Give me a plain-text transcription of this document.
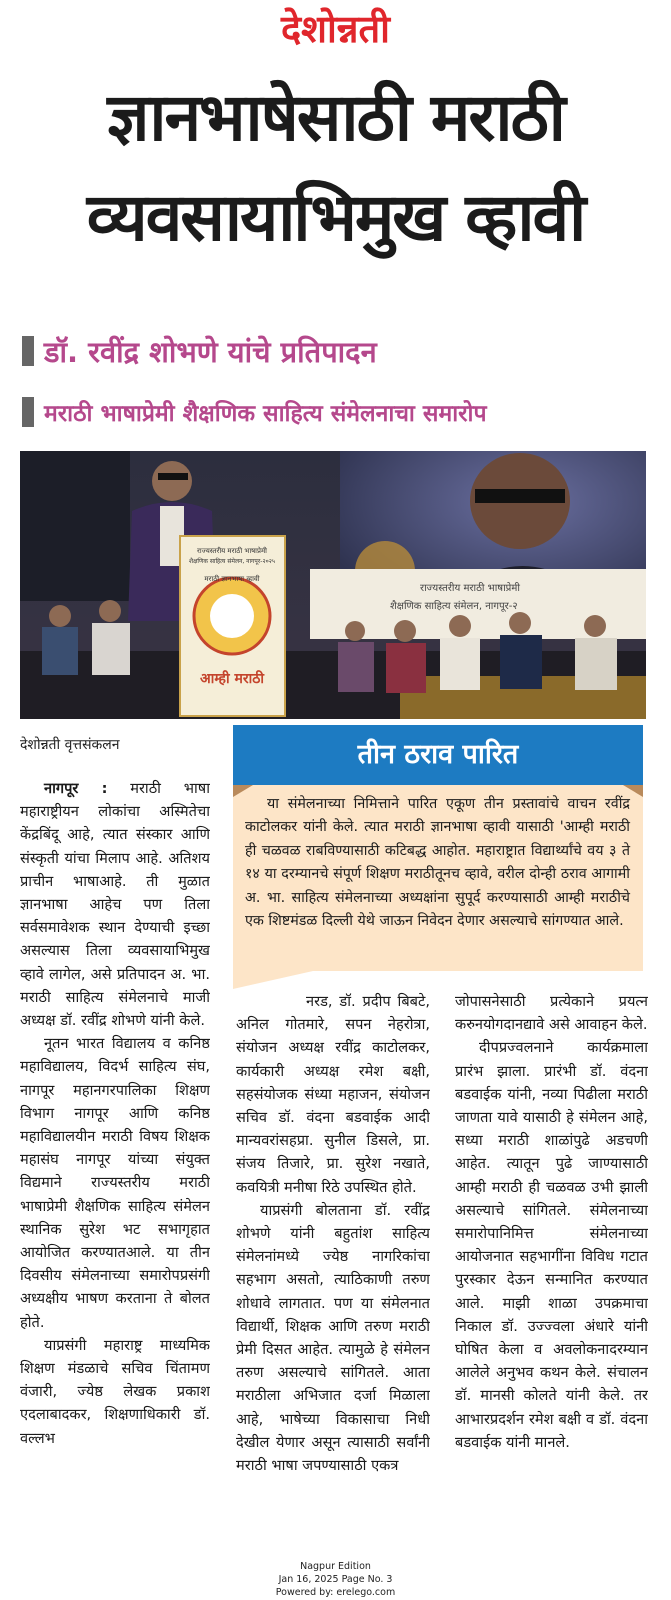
देशोन्नती
ज्ञानभाषेसाठी मराठी
व्यवसायाभिमुख व्हावी
डॉ. रवींद्र शोभणे यांचे प्रतिपादन
मराठी भाषाप्रेमी शैक्षणिक साहित्य संमेलनाचा समारोप
राज्यस्तरीय मराठी भाषाप्रेमी
शैक्षणिक साहित्य संमेलन, नागपूर-२
राज्यस्तरीय मराठी भाषाप्रेमी
शैक्षणिक साहित्य संमेलन, नागपूर-२०२५
मराठी ज्ञानभाषा व्हावी
आम्ही मराठी
देशोन्नती वृत्तसंकलन

नागपूर : मराठी भाषा महाराष्ट्रीयन लोकांचा अस्मितेचा केंद्रबिंदू आहे, त्यात संस्कार आणि संस्कृती यांचा मिलाप आहे. अतिशय प्राचीन भाषाआहे. ती मुळात ज्ञानभाषा आहेच पण तिला सर्वसमावेशक स्थान देण्याची इच्छा असल्यास तिला व्यवसायाभिमुख व्हावे लागेल, असे प्रतिपादन अ. भा. मराठी साहित्य संमेलनाचे माजी अध्यक्ष डॉ. रवींद्र शोभणे यांनी केले.

नूतन भारत विद्यालय व कनिष्ठ महाविद्यालय, विदर्भ साहित्य संघ, नागपूर महानगरपालिका शिक्षण विभाग नागपूर आणि कनिष्ठ महाविद्यालयीन मराठी विषय शिक्षक महासंघ नागपूर यांच्या संयुक्त विद्यमाने राज्यस्तरीय मराठी भाषाप्रेमी शैक्षणिक साहित्य संमेलन स्थानिक सुरेश भट सभागृहात आयोजित करण्यातआले. या तीन दिवसीय संमेलनाच्या समारोपप्रसंगी अध्यक्षीय भाषण करताना ते बोलत होते.

याप्रसंगी महाराष्ट्र माध्यमिक शिक्षण मंडळाचे सचिव चिंतामण वंजारी, ज्येष्ठ लेखक प्रकाश एदलाबादकर, शिक्षणाधिकारी डॉ. वल्लभ

तीन ठराव पारित
या संमेलनाच्या निमित्ताने पारित एकूण तीन प्रस्तावांचे वाचन रवींद्र काटोलकर यांनी केले. त्यात मराठी ज्ञानभाषा व्हावी यासाठी 'आम्ही मराठी ही चळवळ राबविण्यासाठी कटिबद्ध आहोत. महाराष्ट्रात विद्यार्थ्यांचे वय ३ ते १४ या दरम्यानचे संपूर्ण शिक्षण मराठीतूनच व्हावे, वरील दोन्ही ठराव आगामी अ. भा. साहित्य संमेलनाच्या अध्यक्षांना सुपूर्द करण्यासाठी आम्ही मराठीचे एक शिष्टमंडळ दिल्ली येथे जाऊन निवेदन देणार असल्याचे सांगण्यात आले.

नरड, डॉ. प्रदीप बिबटे, अनिल गोतमारे, सपन नेहरोत्रा, संयोजन अध्यक्ष रवींद्र काटोलकर, कार्यकारी अध्यक्ष रमेश बक्षी, सहसंयोजक संध्या महाजन, संयोजन सचिव डॉ. वंदना बडवाईक आदी मान्यवरांसहप्रा. सुनील डिसले, प्रा. संजय तिजारे, प्रा. सुरेश नखाते, कवयित्री मनीषा रिठे उपस्थित होते.

याप्रसंगी बोलताना डॉ. रवींद्र शोभणे यांनी बहुतांश साहित्य संमेलनांमध्ये ज्येष्ठ नागरिकांचा सहभाग असतो, त्याठिकाणी तरुण शोधावे लागतात. पण या संमेलनात विद्यार्थी, शिक्षक आणि तरुण मराठी प्रेमी दिसत आहेत. त्यामुळे हे संमेलन तरुण असल्याचे सांगितले. आता मराठीला अभिजात दर्जा मिळाला आहे, भाषेच्या विकासाचा निधी देखील येणार असून त्यासाठी सर्वांनी मराठी भाषा जपण्यासाठी एकत्र

जोपासनेसाठी प्रत्येकाने प्रयत्न करुनयोगदानद्यावे असे आवाहन केले.

दीपप्रज्वलनाने कार्यक्रमाला प्रारंभ झाला. प्रारंभी डॉ. वंदना बडवाईक यांनी, नव्या पिढीला मराठी जाणता यावे यासाठी हे संमेलन आहे, सध्या मराठी शाळांपुढे अडचणी आहेत. त्यातून पुढे जाण्यासाठी आम्ही मराठी ही चळवळ उभी झाली असल्याचे सांगितले. संमेलनाच्या समारोपानिमित्त संमेलनाच्या आयोजनात सहभागींना विविध गटात पुरस्कार देऊन सन्मानित करण्यात आले. माझी शाळा उपक्रमाचा निकाल डॉ. उज्ज्वला अंधारे यांनी घोषित केला व अवलोकनादरम्यान आलेले अनुभव कथन केले. संचालन डॉ. मानसी कोलते यांनी केले. तर आभारप्रदर्शन रमेश बक्षी व डॉ. वंदना बडवाईक यांनी मानले.

Nagpur Edition
Jan 16, 2025 Page No. 3
Powered by: erelego.com
